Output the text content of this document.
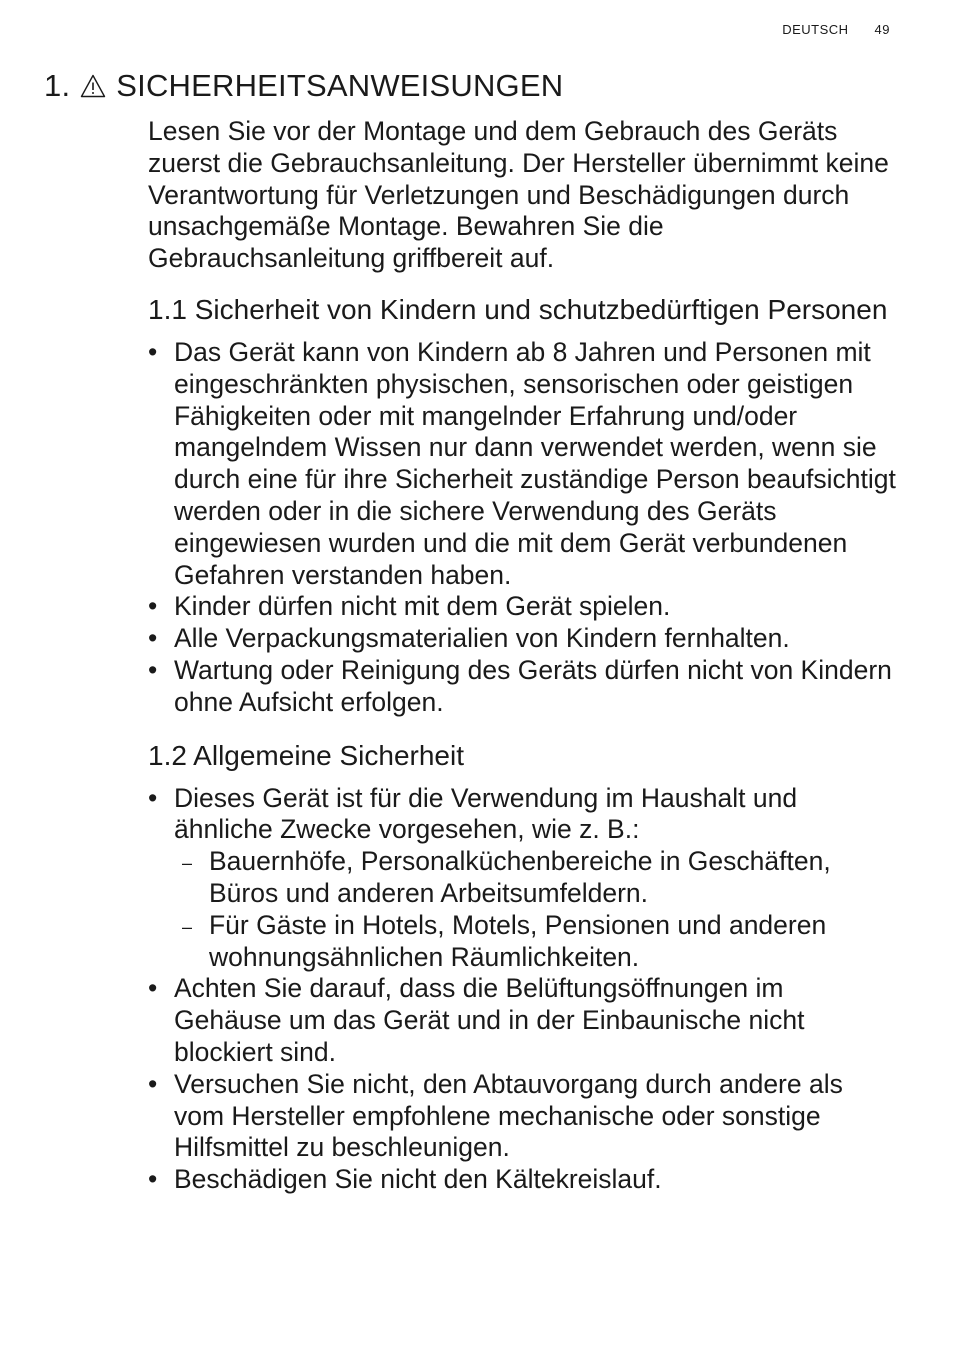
DEUTSCH 49
1. SICHERHEITSANWEISUNGEN

Lesen Sie vor der Montage und dem Gebrauch des Geräts zuerst die Gebrauchsanleitung. Der Hersteller übernimmt keine Verantwortung für Verletzungen und Beschädigungen durch unsachgemäße Montage. Bewahren Sie die Gebrauchsanleitung griffbereit auf.

1.1 Sicherheit von Kindern und schutzbedürftigen Personen
• Das Gerät kann von Kindern ab 8 Jahren und Personen mit eingeschränkten physischen, sensorischen oder geistigen Fähigkeiten oder mit mangelnder Erfahrung und/oder mangelndem Wissen nur dann verwendet werden, wenn sie durch eine für ihre Sicherheit zuständige Person beaufsichtigt werden oder in die sichere Verwendung des Geräts eingewiesen wurden und die mit dem Gerät verbundenen Gefahren verstanden haben.
• Kinder dürfen nicht mit dem Gerät spielen.
• Alle Verpackungsmaterialien von Kindern fernhalten.
• Wartung oder Reinigung des Geräts dürfen nicht von Kindern ohne Aufsicht erfolgen.
1.2 Allgemeine Sicherheit
• Dieses Gerät ist für die Verwendung im Haushalt und ähnliche Zwecke vorgesehen, wie z. B.:
– Bauernhöfe, Personalküchenbereiche in Geschäften, Büros und anderen Arbeitsumfeldern.
– Für Gäste in Hotels, Motels, Pensionen und anderen wohnungsähnlichen Räumlichkeiten.
• Achten Sie darauf, dass die Belüftungsöffnungen im Gehäuse um das Gerät und in der Einbaunische nicht blockiert sind.
• Versuchen Sie nicht, den Abtauvorgang durch andere als vom Hersteller empfohlene mechanische oder sonstige Hilfsmittel zu beschleunigen.
• Beschädigen Sie nicht den Kältekreislauf.
